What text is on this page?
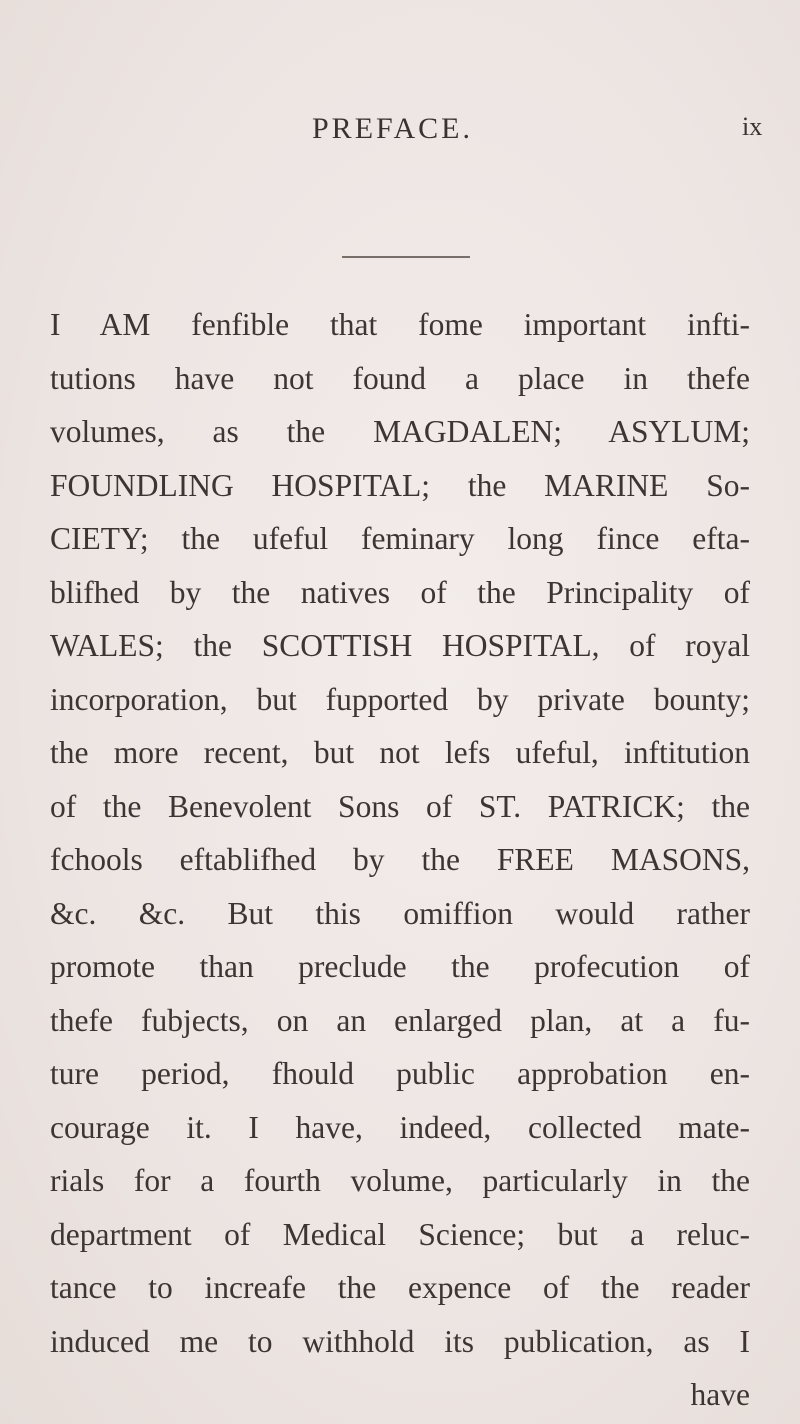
PREFACE.	ix
I AM fenfible that fome important infti-
tutions have not found a place in thefe
volumes, as the MAGDALEN; ASYLUM;
FOUNDLING HOSPITAL; the MARINE So-
CIETY; the ufeful feminary long fince efta-
blifhed by the natives of the Principality of
WALES; the SCOTTISH HOSPITAL, of royal
incorporation, but fupported by private bounty;
the more recent, but not lefs ufeful, inftitution
of the Benevolent Sons of ST. PATRICK; the
fchools eftablifhed by the FREE MASONS,
&c. &c. But this omiffion would rather
promote than preclude the profecution of
thefe fubjects, on an enlarged plan, at a fu-
ture period, fhould public approbation en-
courage it. I have, indeed, collected mate-
rials for a fourth volume, particularly in the
department of Medical Science; but a reluc-
tance to increafe the expence of the reader
induced me to withhold its publication, as I
have
